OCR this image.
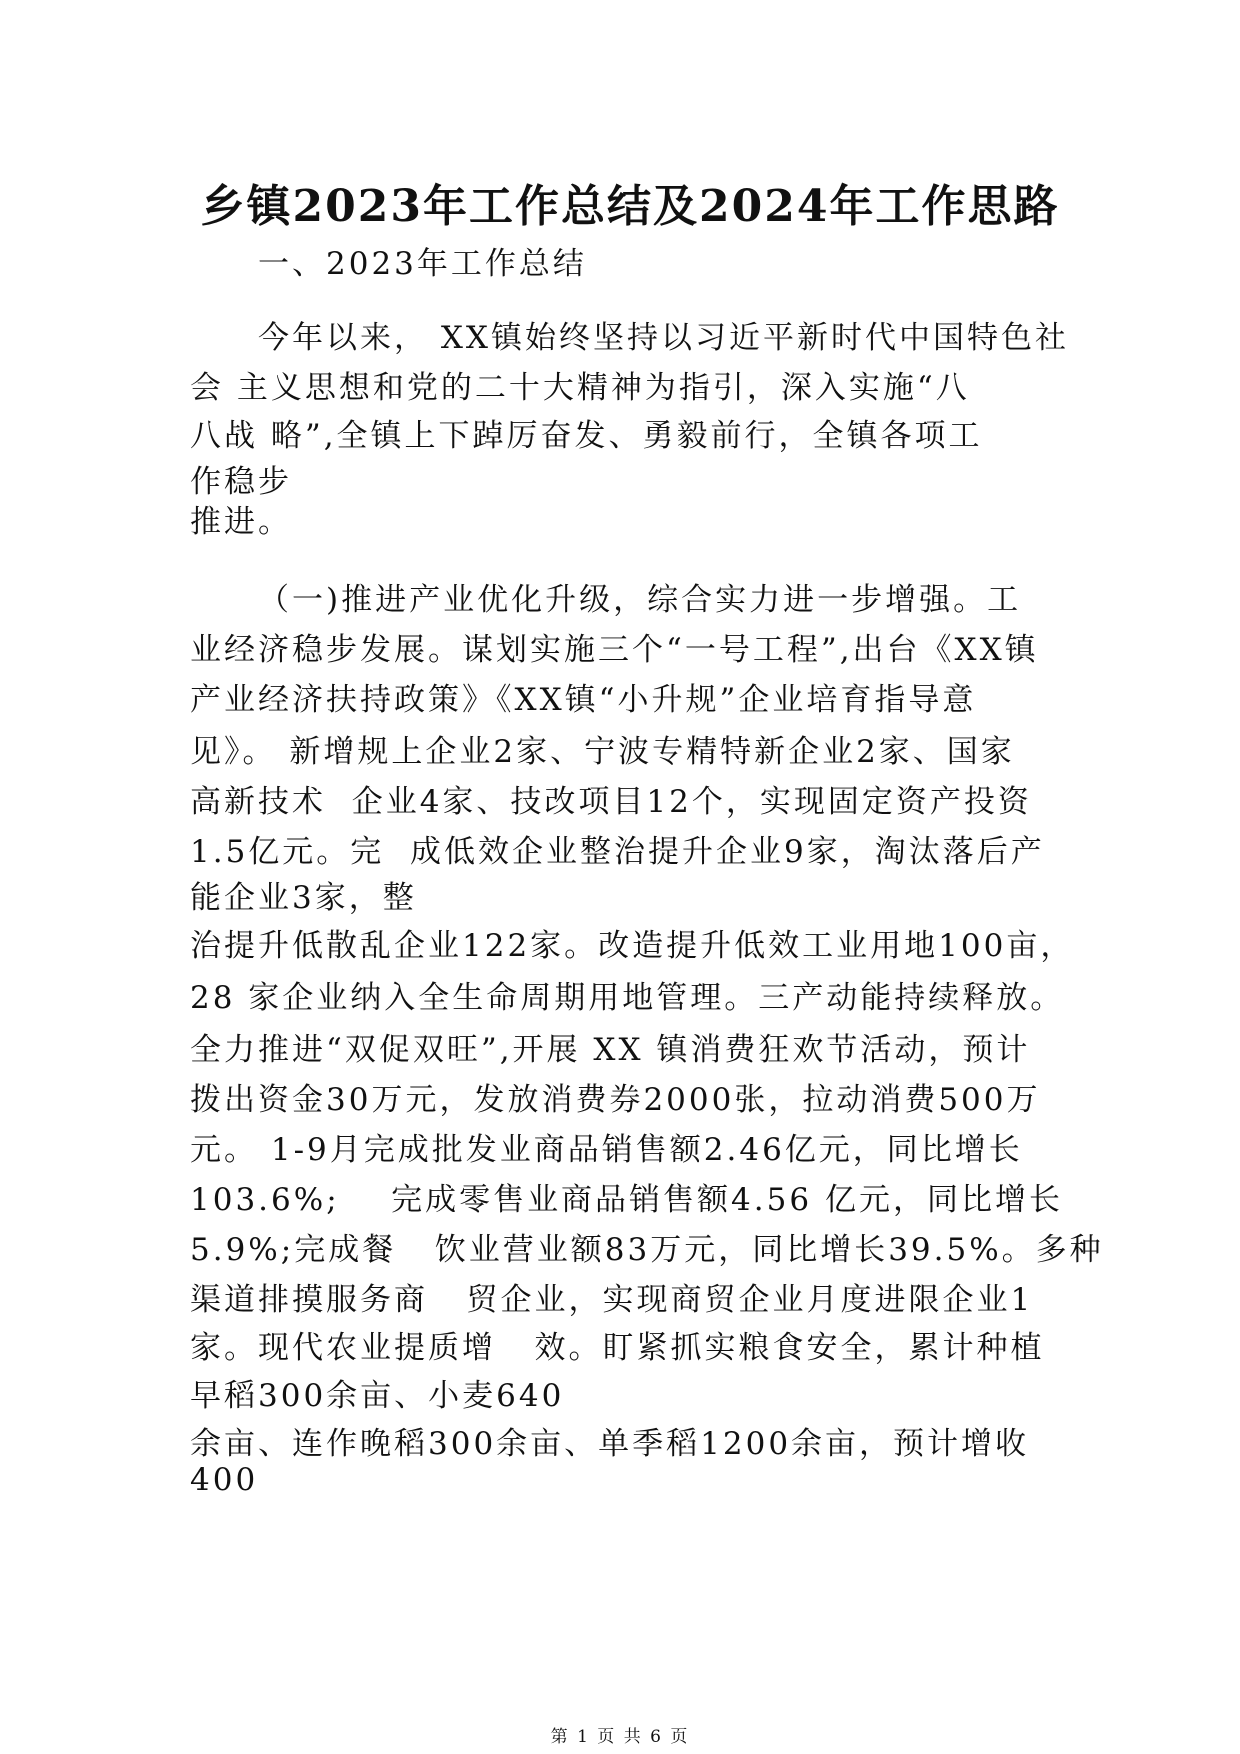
乡镇2023年工作总结及2024年工作思路
一、2023年工作总结
今年以来， XX镇始终坚持以习近平新时代中国特色社
会 主义思想和党的二十大精神为指引，深入实施“八
八战 略”,全镇上下踔厉奋发、勇毅前行，全镇各项工
作稳步
推进。
（一)推进产业优化升级，综合实力进一步增强。工
业经济稳步发展。谋划实施三个“一号工程”,出台《XX镇
产业经济扶持政策》《XX镇“小升规”企业培育指导意
见》。 新增规上企业2家、宁波专精特新企业2家、国家
高新技术  企业4家、技改项目12个，实现固定资产投资
1.5亿元。完  成低效企业整治提升企业9家，淘汰落后产
能企业3家，整
治提升低散乱企业122家。改造提升低效工业用地100亩，
28 家企业纳入全生命周期用地管理。三产动能持续释放。
全力推进“双促双旺”,开展 XX 镇消费狂欢节活动，预计
拨出资金30万元，发放消费券2000张，拉动消费500万
元。 1-9月完成批发业商品销售额2.46亿元，同比增长
103.6%;    完成零售业商品销售额4.56 亿元，同比增长
5.9%;完成餐   饮业营业额83万元，同比增长39.5%。多种
渠道排摸服务商   贸企业，实现商贸企业月度进限企业1
家。现代农业提质增   效。盯紧抓实粮食安全，累计种植
早稻300余亩、小麦640
余亩、连作晚稻300余亩、单季稻1200余亩，预计增收
400
第 1 页 共 6 页
